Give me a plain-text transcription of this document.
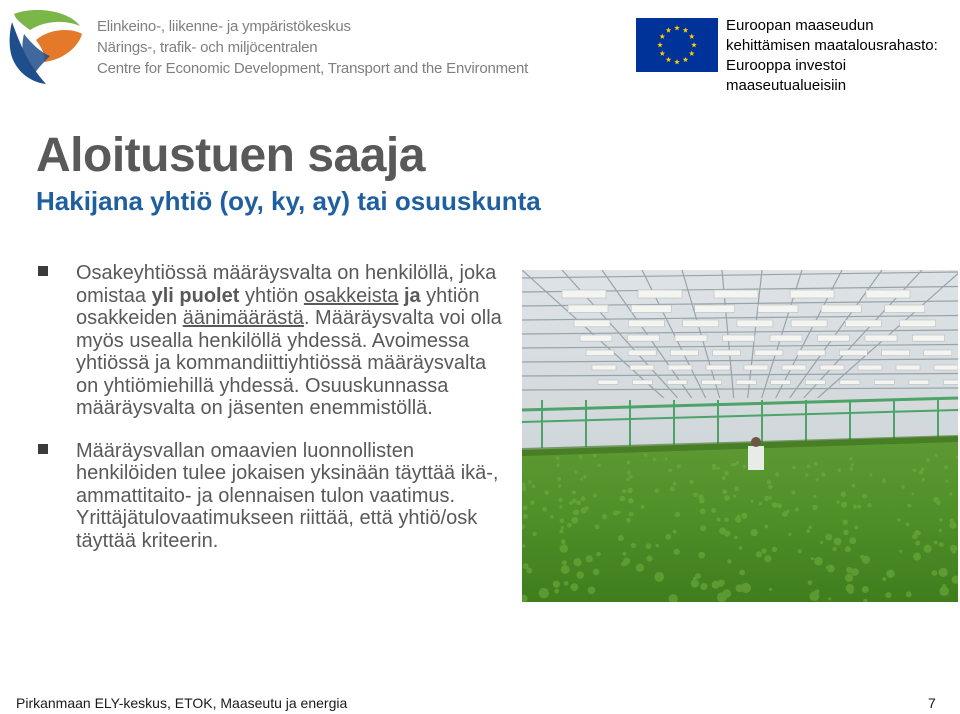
Elinkeino-, liikenne- ja ympäristökeskus
Närings-, trafik- och miljöcentralen
Centre for Economic Development, Transport and the Environment
Euroopan maaseudun
kehittämisen maatalousrahasto:
Eurooppa investoi maaseutualueisiin
Aloitustuen saaja
Hakijana yhtiö (oy, ky, ay) tai osuuskunta
Osakeyhtiössä määräysvalta on henkilöllä, joka omistaa yli puolet yhtiön osakkeista ja yhtiön osakkeiden äänimäärästä. Määräysvalta voi olla myös usealla henkilöllä yhdessä. Avoimessa yhtiössä ja kommandiittiyhtiössä määräysvalta on yhtiömiehillä yhdessä. Osuuskunnassa määräysvalta on jäsenten enemmistöllä.
Määräysvallan omaavien luonnollisten henkilöiden tulee jokaisen yksinään täyttää ikä-, ammattitaito- ja olennaisen tulon vaatimus. Yrittäjätulovaatimukseen riittää, että yhtiö/osk täyttää kriteerin.
Pirkanmaan ELY-keskus, ETOK, Maaseutu ja energia	7
